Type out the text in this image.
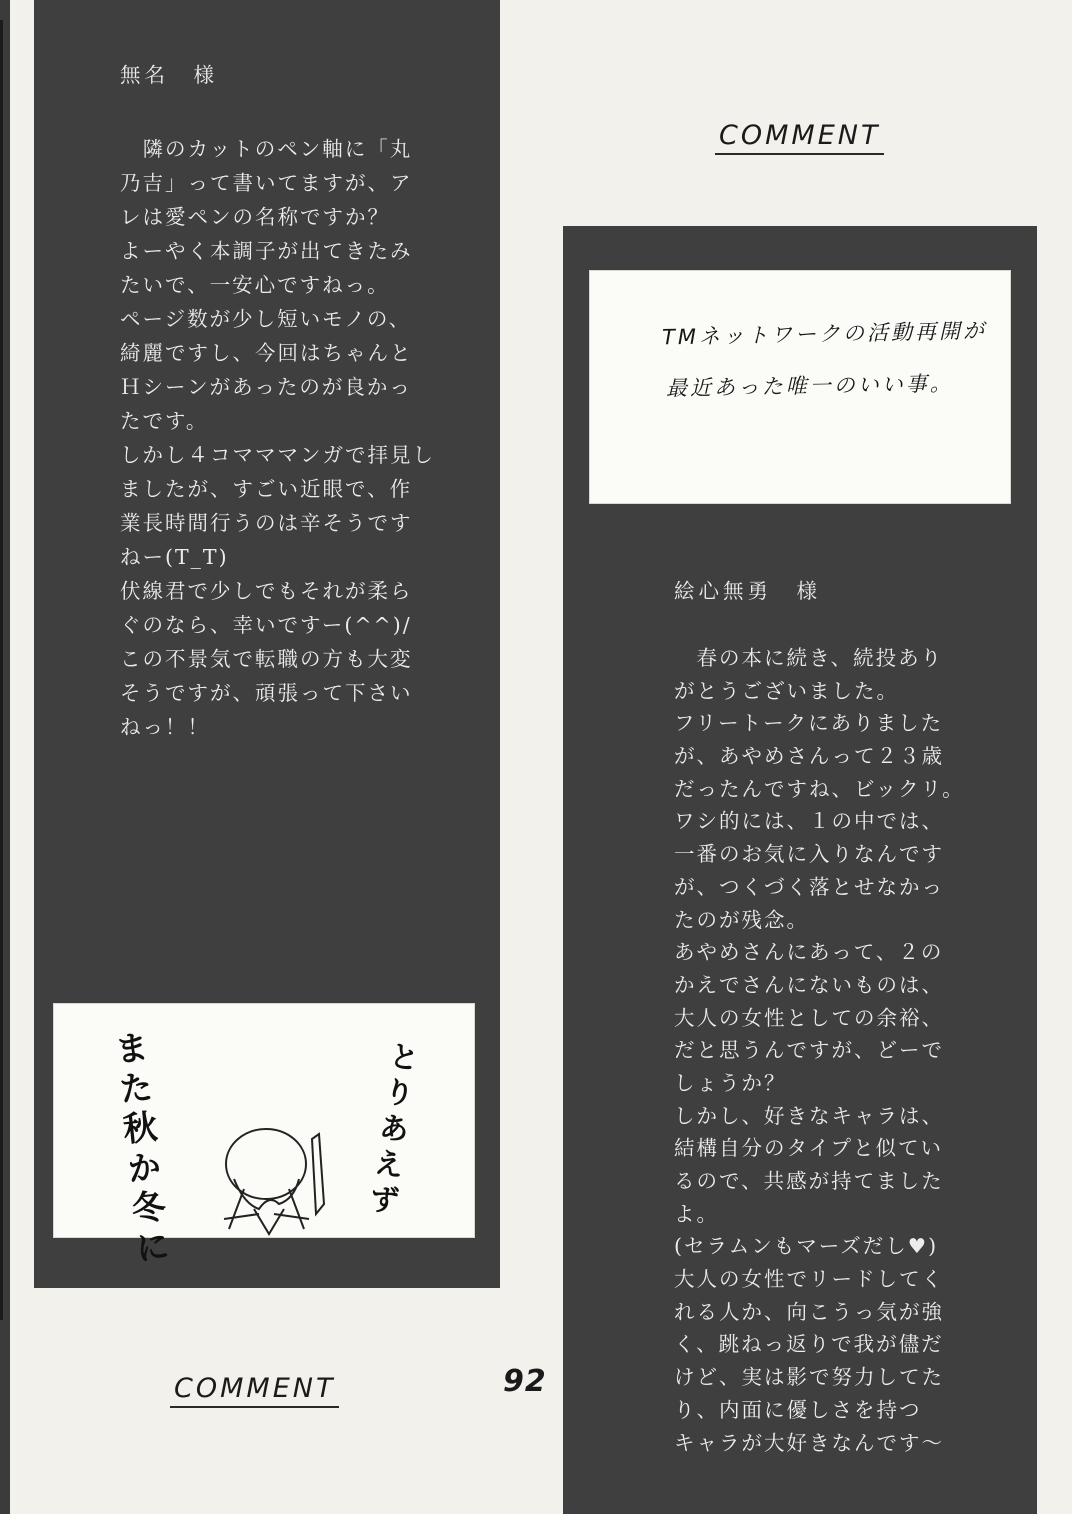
COMMENT
TMネットワークの活動再開が
最近あった唯一のいい事。
無名　様
　隣のカットのペン軸に「丸
乃吉」って書いてますが、ア
レは愛ペンの名称ですか？
よーやく本調子が出てきたみ
たいで、一安心ですねっ。
ページ数が少し短いモノの、
綺麗ですし、今回はちゃんと
Ｈシーンがあったのが良かっ
たです。
しかし４コマママンガで拝見し
ましたが、すごい近眼で、作
業長時間行うのは辛そうです
ねー(T_T)
伏線君で少しでもそれが柔ら
ぐのなら、幸いですー(^^)/
この不景気で転職の方も大変
そうですが、頑張って下さい
ねっ！！
絵心無勇　様
　春の本に続き、続投あり
がとうございました。
フリートークにありました
が、あやめさんって２３歳
だったんですね、ビックリ。
ワシ的には、１の中では、
一番のお気に入りなんです
が、つくづく落とせなかっ
たのが残念。
あやめさんにあって、２の
かえでさんにないものは、
大人の女性としての余裕、
だと思うんですが、どーで
しょうか？
しかし、好きなキャラは、
結構自分のタイプと似てい
るので、共感が持てました
よ。
(セラムンもマーズだし♥)
大人の女性でリードしてく
れる人か、向こうっ気が強
く、跳ねっ返りで我が儘だ
けど、実は影で努力してた
り、内面に優しさを持つ
キャラが大好きなんです～
また秋か冬に	とりあえず
COMMENT	92
